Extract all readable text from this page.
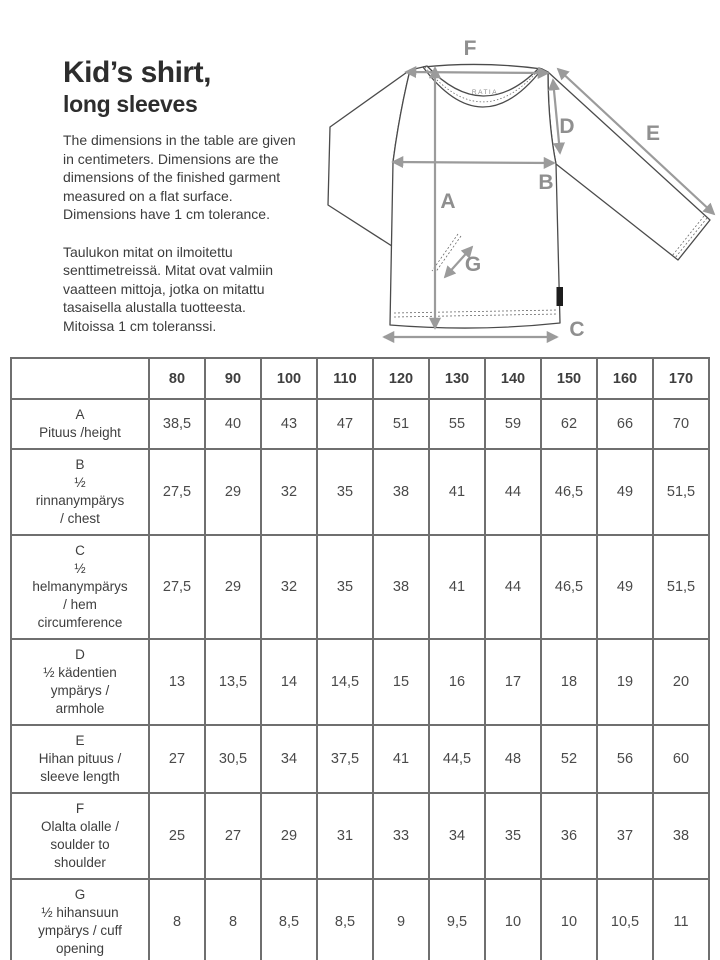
Kid’s shirt,
long sleeves

The dimensions in the table are given
in centimeters. Dimensions are the
dimensions of the finished garment
measured on a flat surface.
Dimensions have 1 cm tolerance.

Taulukon mitat on ilmoitettu
senttimetreissä. Mitat ovat valmiin
vaatteen mittoja, jotka on mitattu
tasaisella alustalla tuotteesta.
Mitoissa 1 cm toleranssi.

RATIA
A
B
C
D	E
F
G
	80	90	100	110	120	130	140	150	160	170

A
Pituus /height	38,5	40	43	47	51	55	59	62	66	70

B
½
rinnanympärys
/ chest	27,5	29	32	35	38	41	44	46,5	49	51,5

C
½
helmanympärys
/ hem
circumference	27,5	29	32	35	38	41	44	46,5	49	51,5

D
½ kädentien
ympärys /
armhole	13	13,5	14	14,5	15	16	17	18	19	20

E
Hihan pituus /
sleeve length	27	30,5	34	37,5	41	44,5	48	52	56	60

F
Olalta olalle /
soulder to
shoulder	25	27	29	31	33	34	35	36	37	38

G
½ hihansuun
ympärys / cuff
opening	8	8	8,5	8,5	9	9,5	10	10	10,5	11
